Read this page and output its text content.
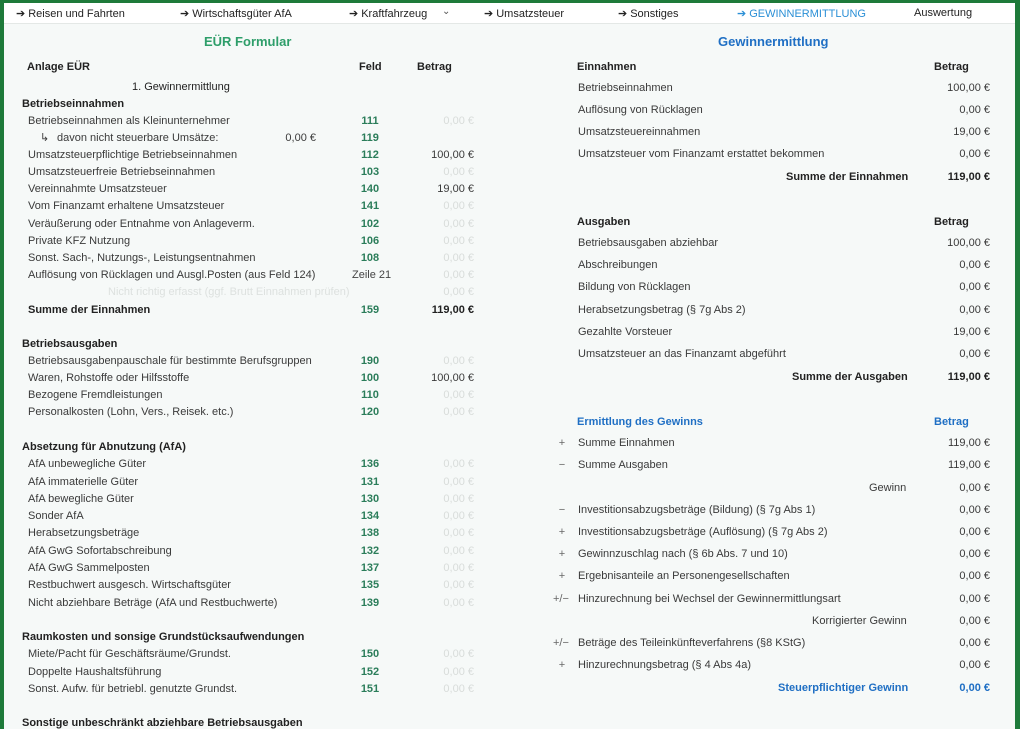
➔ Reisen und Fahrten	➔ Wirtschaftsgüter AfA	➔ Kraftfahrzeug ⌄	➔ Umsatzsteuer	➔ Sonstiges	➔ GEWINNERMITTLUNG	Auswertung
EÜR Formular
Anlage EÜR	Feld	Betrag
1. Gewinnermittlung
Betriebseinnahmen
Betriebseinnahmen als Kleinunternehmer	111	0,00 €
↳ davon nicht steuerbare Umsätze:	0,00 €	119
Umsatzsteuerpflichtige Betriebseinnahmen	112	100,00 €
Umsatzsteuerfreie Betriebseinnahmen	103	0,00 €
Vereinnahmte Umsatzsteuer	140	19,00 €
Vom Finanzamt erhaltene Umsatzsteuer	141	0,00 €
Veräußerung oder Entnahme von Anlageverm.	102	0,00 €
Private KFZ Nutzung	106	0,00 €
Sonst. Sach-, Nutzungs-, Leistungsentnahmen	108	0,00 €
Auflösung von Rücklagen und Ausgl.Posten (aus Feld 124)	Zeile 21	0,00 €
Nicht richtig erfasst (ggf. Brutt Einnahmen prüfen)	0,00 €
Summe der Einnahmen	159	119,00 €
Betriebsausgaben
Betriebsausgabenpauschale für bestimmte Berufsgruppen	190	0,00 €
Waren, Rohstoffe oder Hilfsstoffe	100	100,00 €
Bezogene Fremdleistungen	110	0,00 €
Personalkosten (Lohn, Vers., Reisek. etc.)	120	0,00 €
Absetzung für Abnutzung (AfA)
AfA unbewegliche Güter	136	0,00 €
AfA immaterielle Güter	131	0,00 €
AfA bewegliche Güter	130	0,00 €
Sonder AfA	134	0,00 €
Herabsetzungsbeträge	138	0,00 €
AfA GwG Sofortabschreibung	132	0,00 €
AfA GwG Sammelposten	137	0,00 €
Restbuchwert ausgesch. Wirtschaftsgüter	135	0,00 €
Nicht abziehbare Beträge (AfA und Restbuchwerte)	139	0,00 €
Raumkosten und sonsige Grundstücksaufwendungen
Miete/Pacht für Geschäftsräume/Grundst.	150	0,00 €
Doppelte Haushaltsführung	152	0,00 €
Sonst. Aufw. für betriebl. genutzte Grundst.	151	0,00 €
Sonstige unbeschränkt abziehbare Betriebsausgaben
Gewinnermittlung
Einnahmen	Betrag
Betriebseinnahmen	100,00 €
Auflösung von Rücklagen	0,00 €
Umsatzsteuereinnahmen	19,00 €
Umsatzsteuer vom Finanzamt erstattet bekommen	0,00 €
Summe der Einnahmen	119,00 €
Ausgaben	Betrag
Betriebsausgaben abziehbar	100,00 €
Abschreibungen	0,00 €
Bildung von Rücklagen	0,00 €
Herabsetzungsbetrag (§ 7g Abs 2)	0,00 €
Gezahlte Vorsteuer	19,00 €
Umsatzsteuer an das Finanzamt abgeführt	0,00 €
Summe der Ausgaben	119,00 €
Ermittlung des Gewinns	Betrag
+ Summe Einnahmen	119,00 €
− Summe Ausgaben	119,00 €
Gewinn	0,00 €
− Investitionsabzugsbeträge (Bildung) (§ 7g Abs 1)	0,00 €
+ Investitionsabzugsbeträge (Auflösung) (§ 7g Abs 2)	0,00 €
+ Gewinnzuschlag nach (§ 6b Abs. 7 und 10)	0,00 €
+ Ergebnisanteile an Personengesellschaften	0,00 €
+/− Hinzurechnung bei Wechsel der Gewinnermittlungsart	0,00 €
Korrigierter Gewinn	0,00 €
+/− Beträge des Teileinkünfteverfahrens (§8 KStG)	0,00 €
+ Hinzurechnungsbetrag (§ 4 Abs 4a)	0,00 €
Steuerpflichtiger Gewinn	0,00 €
